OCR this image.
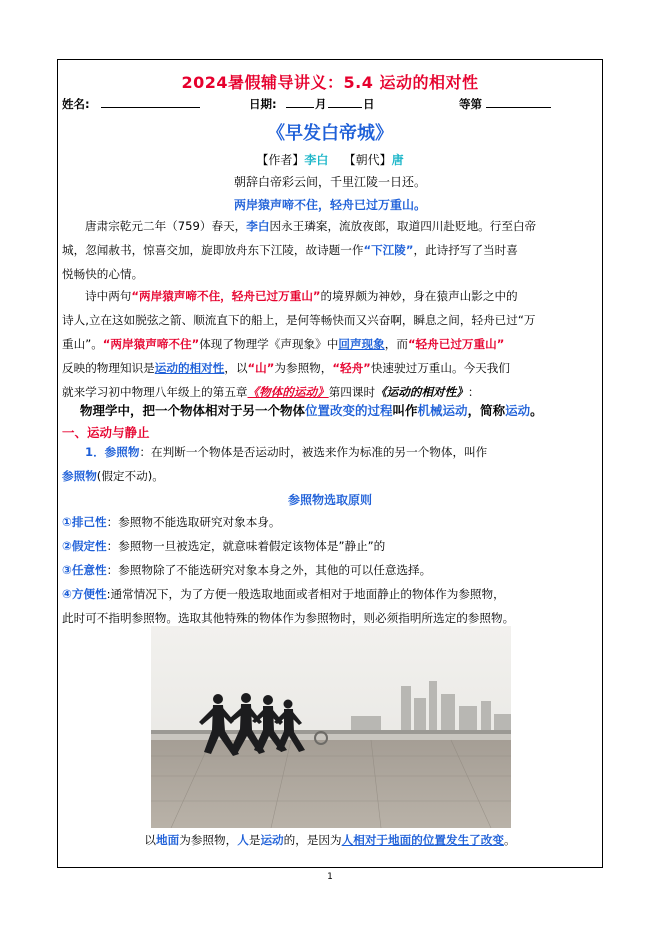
2024暑假辅导讲义：5.4 运动的相对性
姓名:	日期:	月	日	等第
《早发白帝城》
【作者】李白 【朝代】唐
朝辞白帝彩云间，千里江陵一日还。
两岸猿声啼不住，轻舟已过万重山。
唐肃宗乾元二年（759）春天，李白因永王璘案，流放夜郎，取道四川赴贬地。行至白帝
城，忽闻赦书，惊喜交加，旋即放舟东下江陵，故诗题一作“下江陵”，此诗抒写了当时喜
悦畅快的心情。
诗中两句“两岸猿声啼不住，轻舟已过万重山”的境界颇为神妙，身在猿声山影之中的
诗人,立在这如脱弦之箭、顺流直下的船上，是何等畅快而又兴奋啊，瞬息之间，轻舟已过“万
重山”。“两岸猿声啼不住”体现了物理学《声现象》中回声现象，而“轻舟已过万重山”
反映的物理知识是运动的相对性，以“山”为参照物，“轻舟”快速驶过万重山。今天我们
就来学习初中物理八年级上的第五章《物体的运动》第四课时《运动的相对性》：
物理学中，把一个物体相对于另一个物体位置改变的过程叫作机械运动，简称运动。
一、运动与静止
1．参照物：在判断一个物体是否运动时，被选来作为标准的另一个物体，叫作
参照物(假定不动)。
参照物选取原则
①排己性：参照物不能选取研究对象本身。
②假定性：参照物一旦被选定，就意味着假定该物体是”静止”的
③任意性：参照物除了不能选研究对象本身之外，其他的可以任意选择。
④方便性:通常情况下，为了方便一般选取地面或者相对于地面静止的物体作为参照物，
此时可不指明参照物。选取其他特殊的物体作为参照物时，则必须指明所选定的参照物。
以地面为参照物，人是运动的，是因为人相对于地面的位置发生了改变。
1
